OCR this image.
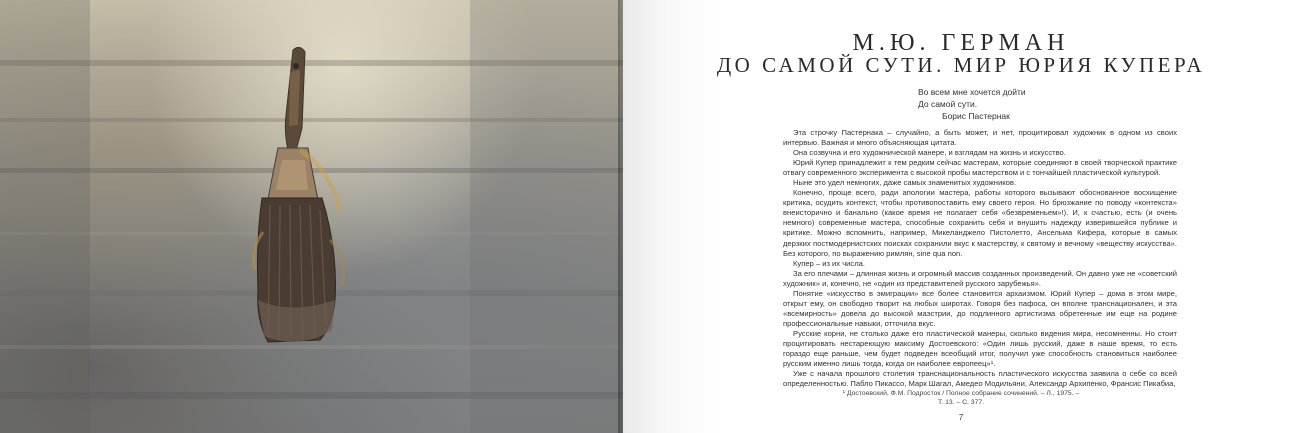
М.Ю. ГЕРМАН
ДО САМОЙ СУТИ. МИР ЮРИЯ КУПЕРА
Во всем мне хочется дойти
До самой сути.
Борис Пастернак

Эта строчку Пастернака – случайно, а быть может, и нет, процитировал художник в одном из своих интервью. Важная и много объясняющая цитата.

Она созвучна и его художнической манере, и взглядам на жизнь и искусство.

Юрий Купер принадлежит к тем редким сейчас мастерам, которые соединяют в своей творческой практике отвагу современного эксперимента с высокой пробы мастерством и с тончайшей пластической культурой.

Ныне это удел немногих, даже самых знаменитых художников.

Конечно, проще всего, ради апологии мастера, работы которого вызывают обоснованное восхищение критика, осудить контекст, чтобы противопоставить ему своего героя. Но брюзжание по поводу «контекста» внеисторично и банально (какое время не полагает себя «безвременьем»!). И, к счастью, есть (и очень немного) современные мастера, способные сохранить себя и внушить надежду изверившейся публике и критике. Можно вспомнить, например, Микеланджело Пистолетто, Ансельма Кифера, которые в самых дерзких постмодернистских поисках сохранили вкус к мастерству, к святому и вечному «веществу искусства». Без которого, по выражению римлян, sine qua non.

Купер – из их числа.

За его плечами – длинная жизнь и огромный массив созданных произведений. Он давно уже не «советский художник» и, конечно, не «один из представителей русского зарубежья».

Понятие «искусство в эмиграции» все более становится архаизмом. Юрий Купер – дома в этом мире, открыт ему, он свободно творит на любых широтах. Говоря без пафоса, он вполне транснационален, и эта «всемирность» довела до высокой маэстрии, до подлинного артистизма обретенные им еще на родине профессиональные навыки, отточила вкус.

Русские корни, не столько даже его пластической манеры, сколько видения мира, несомненны. Но стоит процитировать нестареющую максиму Достоевского: «Один лишь русский, даже в наше время, то есть гораздо еще раньше, чем будет подведен всеобщий итог, получил уже способность становиться наиболее русским именно лишь тогда, когда он наиболее европеец»¹.

Уже с начала прошлого столетия транснациональность пластического искусства заявила о себе со всей определенностью. Пабло Пикассо, Марк Шагал, Амедео Модильяни, Александр Архипенко, Франсис Пикабиа,

¹ Достоевский, Ф.М. Подросток / Полное собрание сочинений. – Л., 1975. –
Т. 13. – С. 377.
7
